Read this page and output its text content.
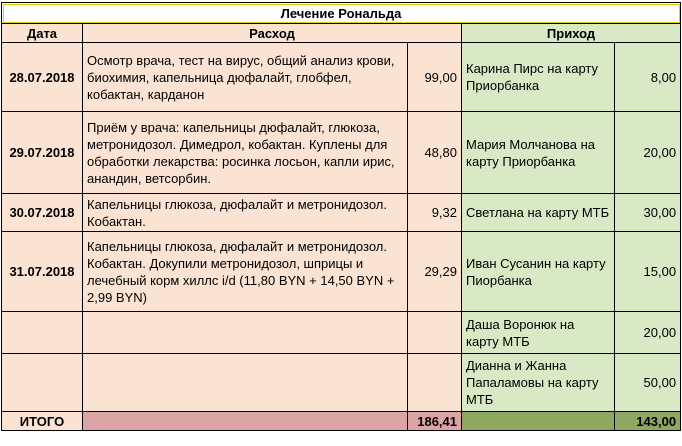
Лечение Рональда				
Дата	Расход		Приход	
28.07.2018	Осмотр врача, тест на вирус, общий анализ крови, биохимия, капельница дюфалайт, глобфел, кобактан, карданон	99,00	Карина Пирс на карту Приорбанка	8,00
29.07.2018	Приём у врача: капельницы дюфалайт, глюкоза, метронидозол. Димедрол, кобактан. Куплены для обработки лекарства: росинка лосьон, капли ирис, анандин, ветсорбин.	48,80	Мария Молчанова на карту Приорбанка	20,00
30.07.2018	Капельницы глюкоза, дюфалайт и метронидозол. Кобактан.	9,32	Светлана на карту МТБ	30,00
31.07.2018	Капельницы глюкоза, дюфалайт и метронидозол. Кобактан. Докупили метронидозол, шприцы и лечебный корм хиллс i/d (11,80 BYN + 14,50 BYN + 2,99 BYN)	29,29	Иван Сусанин на карту Пиорбанка	15,00
			Даша Воронюк на карту МТБ	20,00
			Дианна и Жанна Папаламовы на карту МТБ	50,00
ИТОГО		186,41		143,00
